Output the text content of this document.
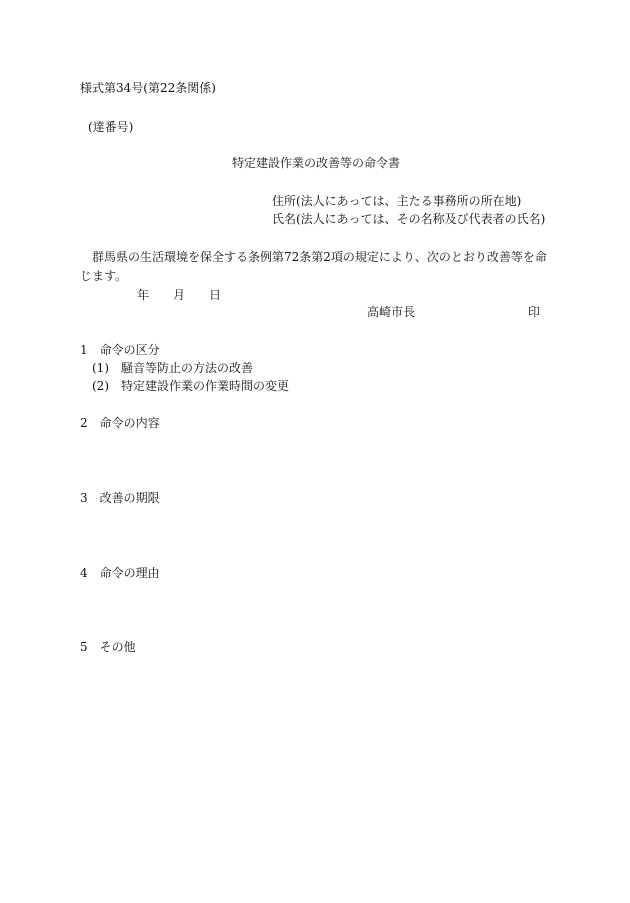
様式第34号(第22条関係)
(達番号)
特定建設作業の改善等の命令書
住所(法人にあっては、主たる事務所の所在地)
氏名(法人にあっては、その名称及び代表者の氏名)
群馬県の生活環境を保全する条例第72条第2項の規定により、次のとおり改善等を命じます。
年 月 日
高崎市長	印
1　命令の区分
(1)　騒音等防止の方法の改善
(2)　特定建設作業の作業時間の変更
2　命令の内容
3　改善の期限
4　命令の理由
5　その他
